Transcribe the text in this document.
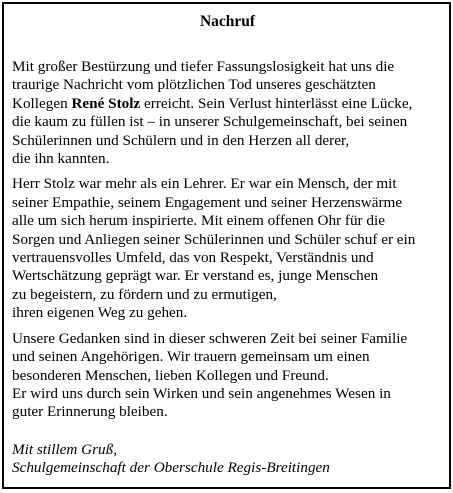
Nachruf

Mit großer Bestürzung und tiefer Fassungslosigkeit hat uns die
traurige Nachricht vom plötzlichen Tod unseres geschätzten
Kollegen René Stolz erreicht. Sein Verlust hinterlässt eine Lücke,
die kaum zu füllen ist – in unserer Schulgemeinschaft, bei seinen
Schülerinnen und Schülern und in den Herzen all derer,
die ihn kannten.

Herr Stolz war mehr als ein Lehrer. Er war ein Mensch, der mit
seiner Empathie, seinem Engagement und seiner Herzenswärme
alle um sich herum inspirierte. Mit einem offenen Ohr für die
Sorgen und Anliegen seiner Schülerinnen und Schüler schuf er ein
vertrauensvolles Umfeld, das von Respekt, Verständnis und
Wertschätzung geprägt war. Er verstand es, junge Menschen
zu begeistern, zu fördern und zu ermutigen,
ihren eigenen Weg zu gehen.

Unsere Gedanken sind in dieser schweren Zeit bei seiner Familie
und seinen Angehörigen. Wir trauern gemeinsam um einen
besonderen Menschen, lieben Kollegen und Freund.
Er wird uns durch sein Wirken und sein angenehmes Wesen in
guter Erinnerung bleiben.

Mit stillem Gruß,
Schulgemeinschaft der Oberschule Regis-Breitingen
